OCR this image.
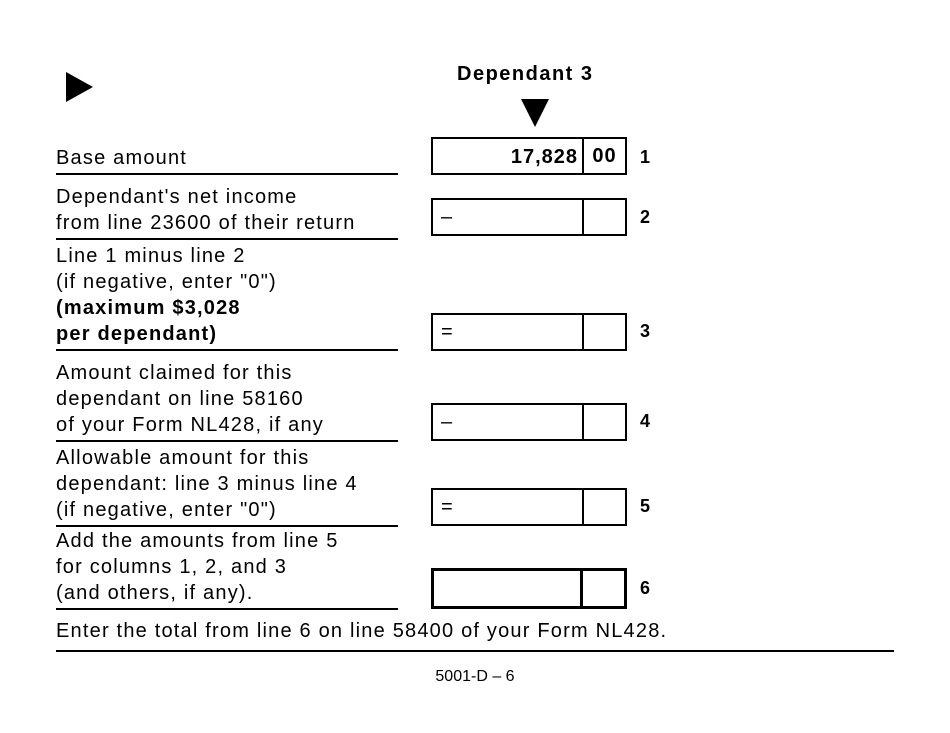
Dependant 3
Base amount	17,828 00	1
Dependant's net income
from line 23600 of their return	–	2
Line 1 minus line 2
(if negative, enter "0")
(maximum $3,028
per dependant)	=	3
Amount claimed for this
dependant on line 58160
of your Form NL428, if any	–	4
Allowable amount for this
dependant: line 3 minus line 4
(if negative, enter "0")	=	5
Add the amounts from line 5
for columns 1, 2, and 3
(and others, if any).	6
Enter the total from line 6 on line 58400 of your Form NL428.
5001-D – 6
